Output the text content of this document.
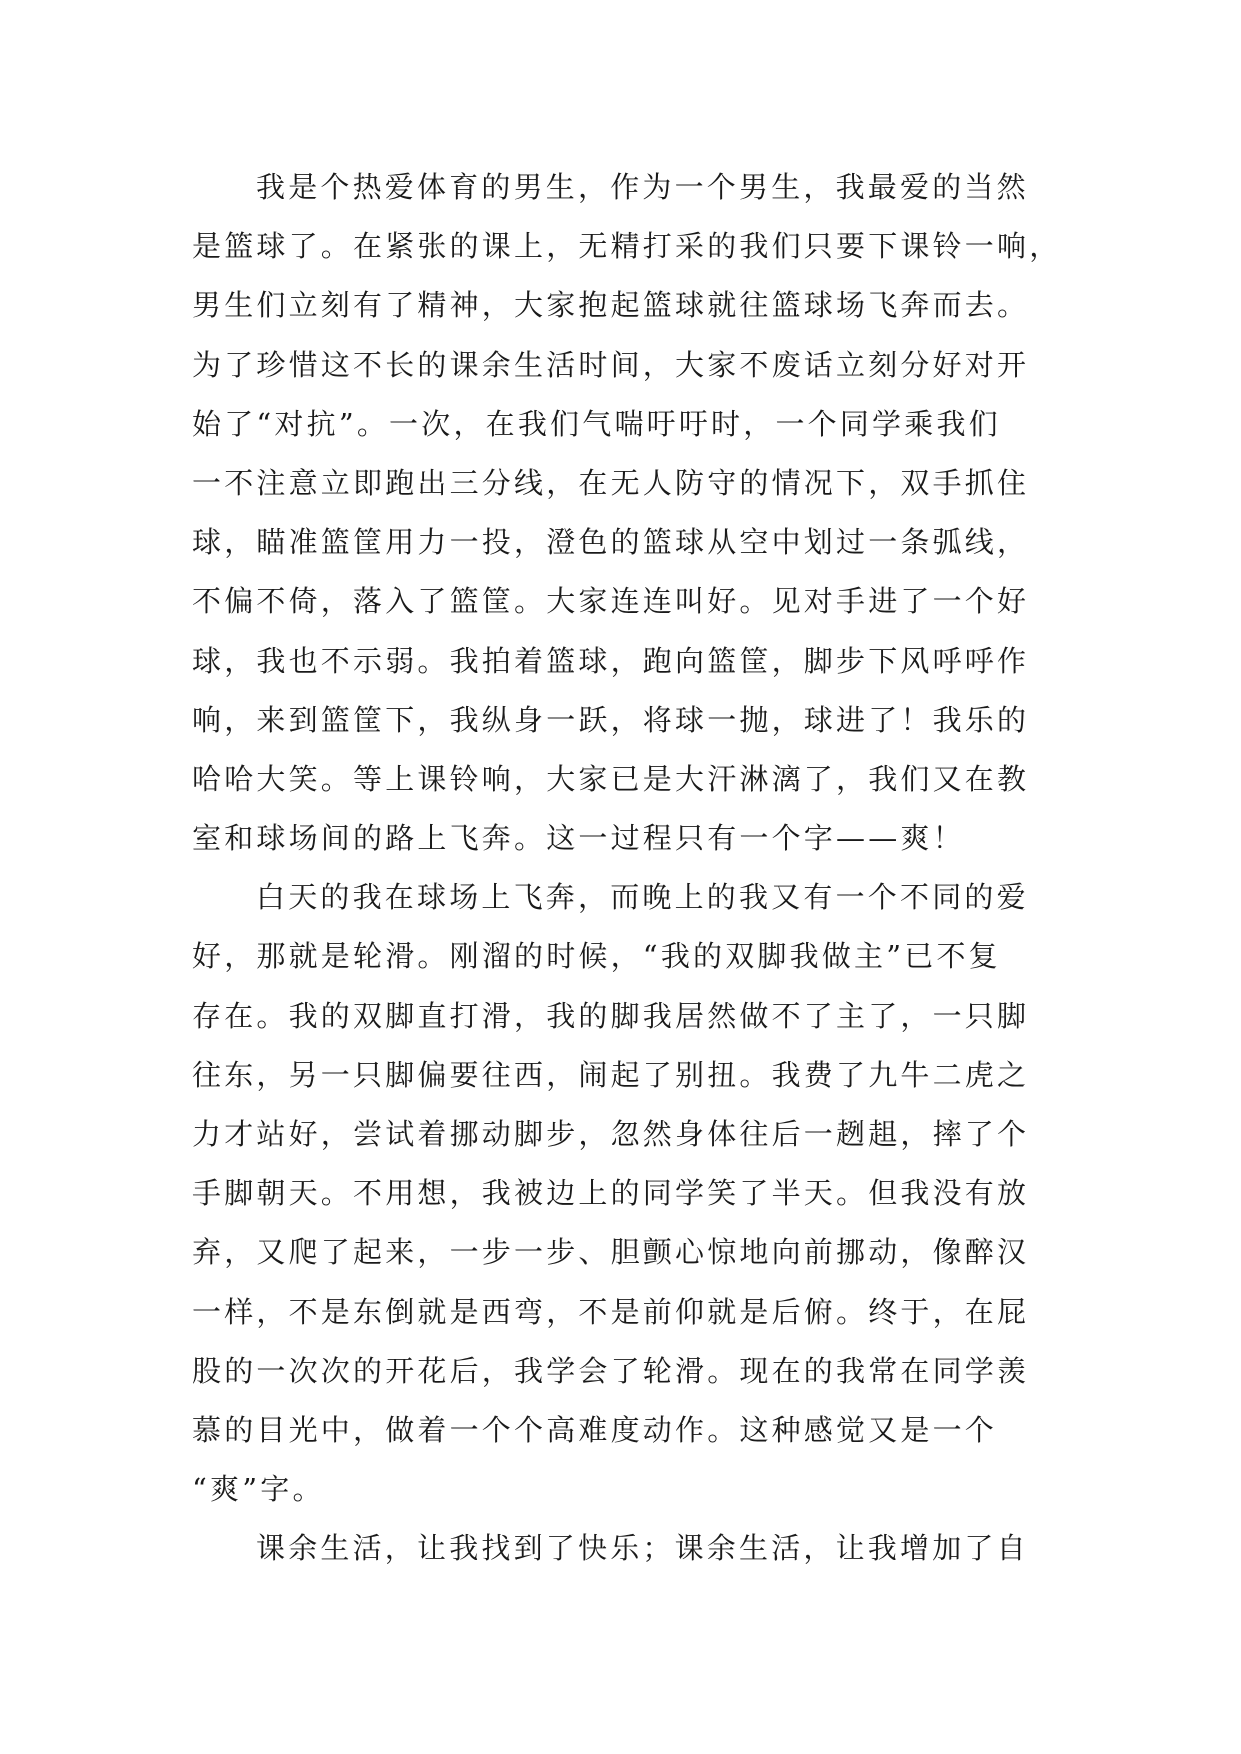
我是个热爱体育的男生，作为一个男生，我最爱的当然
是篮球了。在紧张的课上，无精打采的我们只要下课铃一响，
男生们立刻有了精神，大家抱起篮球就往篮球场飞奔而去。
为了珍惜这不长的课余生活时间，大家不废话立刻分好对开
始了“对抗”。一次，在我们气喘吁吁时，一个同学乘我们
一不注意立即跑出三分线，在无人防守的情况下，双手抓住
球，瞄准篮筐用力一投，澄色的篮球从空中划过一条弧线，
不偏不倚，落入了篮筐。大家连连叫好。见对手进了一个好
球，我也不示弱。我拍着篮球，跑向篮筐，脚步下风呼呼作
响，来到篮筐下，我纵身一跃，将球一抛，球进了！我乐的
哈哈大笑。等上课铃响，大家已是大汗淋漓了，我们又在教
室和球场间的路上飞奔。这一过程只有一个字——爽！
白天的我在球场上飞奔，而晚上的我又有一个不同的爱
好，那就是轮滑。刚溜的时候，“我的双脚我做主”已不复
存在。我的双脚直打滑，我的脚我居然做不了主了，一只脚
往东，另一只脚偏要往西，闹起了别扭。我费了九牛二虎之
力才站好，尝试着挪动脚步，忽然身体往后一趔趄，摔了个
手脚朝天。不用想，我被边上的同学笑了半天。但我没有放
弃，又爬了起来，一步一步、胆颤心惊地向前挪动，像醉汉
一样，不是东倒就是西弯，不是前仰就是后俯。终于，在屁
股的一次次的开花后，我学会了轮滑。现在的我常在同学羡
慕的目光中，做着一个个高难度动作。这种感觉又是一个
“爽”字。
课余生活，让我找到了快乐；课余生活，让我增加了自
